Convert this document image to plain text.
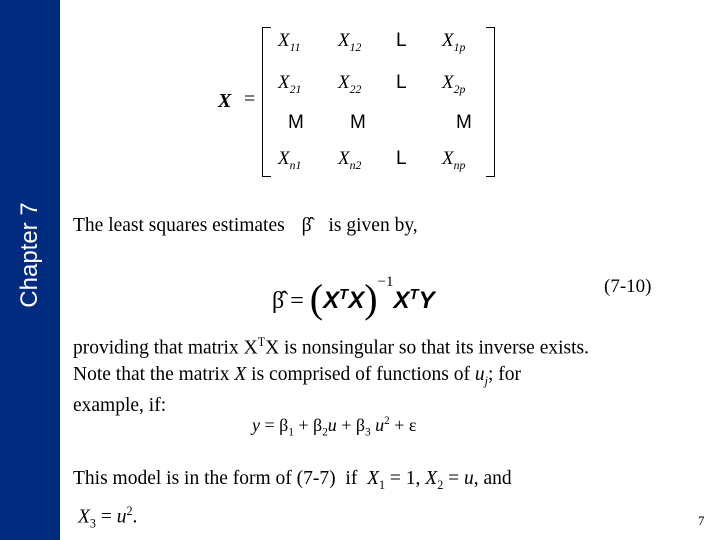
Chapter 7
X =
$X_{11}$ $X_{12}$ L $X_{1p}$
$X_{21}$ $X_{22}$ L $X_{2p}$
M M	M
$X_{n1}$ $X_{n2}$ L $X_{np}$
The least squares estimates β̂ is given by,
β̂ = $(X^TX)^{-1}X^TY$
(7-10)
providing that matrix $X^TX$ is nonsingular so that its inverse exists.
Note that the matrix X is comprised of functions of $u_j$; for
example, if:
$y = \beta_1 + \beta_2u + \beta_3$ $u^2 + \varepsilon$
This model is in the form of (7-7)  if  $X_1 = 1$, $X_2 = u$, and
$X_3 = u^2$.	7
